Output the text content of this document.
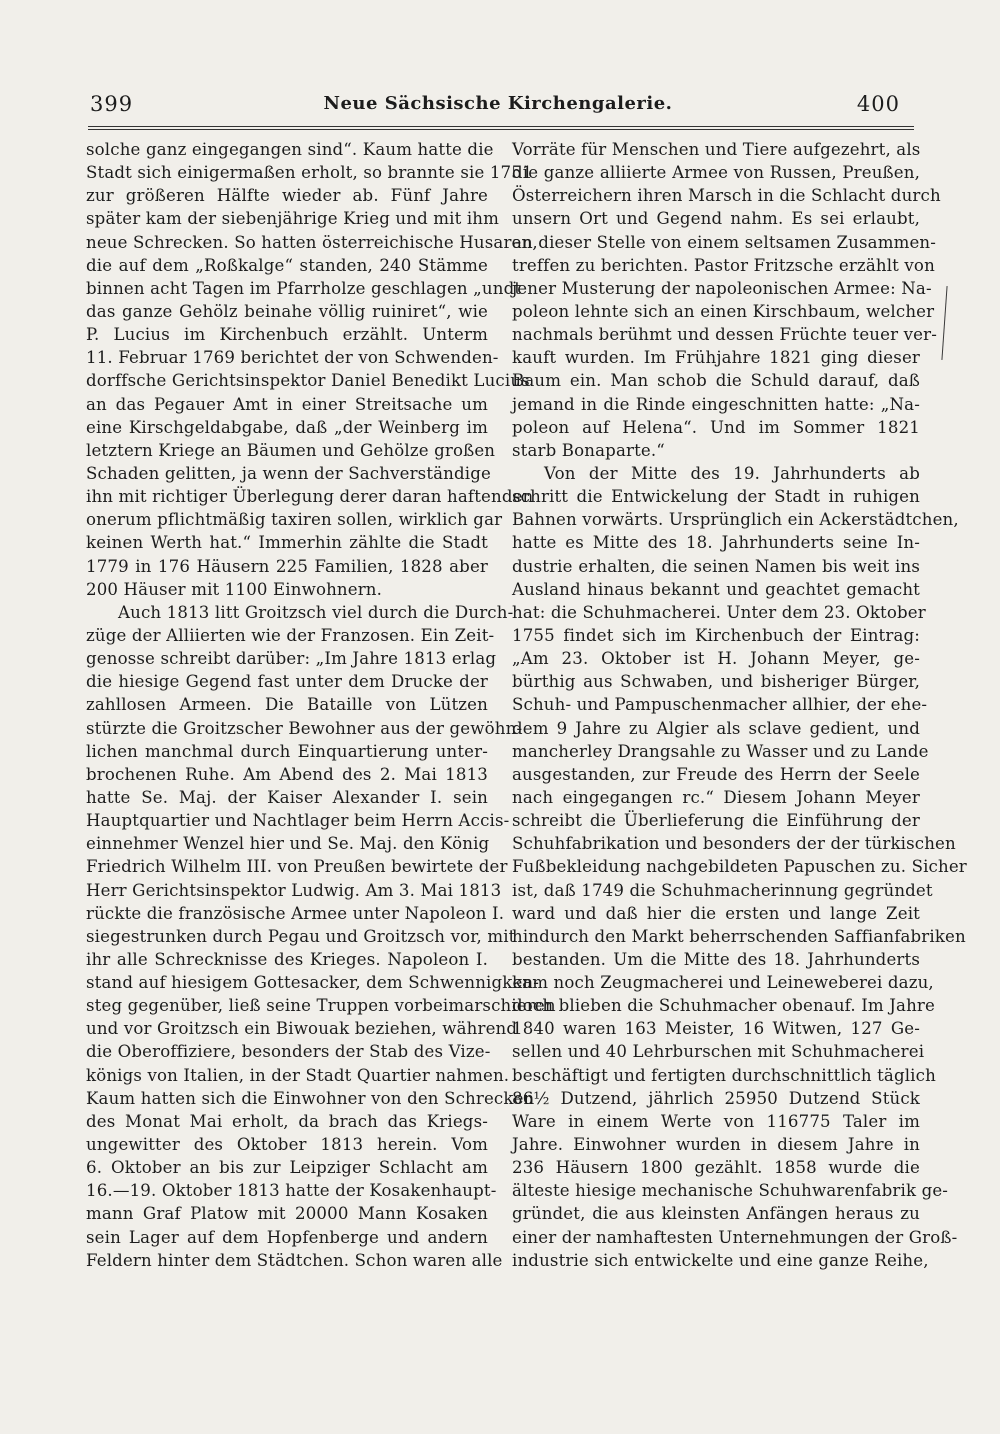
399	Neue Sächsische Kirchengalerie.	400
solche ganz eingegangen sind“. Kaum hatte die
Stadt sich einigermaßen erholt, so brannte sie 1751
zur größeren Hälfte wieder ab. Fünf Jahre
später kam der siebenjährige Krieg und mit ihm
neue Schrecken. So hatten österreichische Husaren,
die auf dem „Roßkalge“ standen, 240 Stämme
binnen acht Tagen im Pfarrholze geschlagen „undt
das ganze Gehölz beinahe völlig ruiniret“, wie
P. Lucius im Kirchenbuch erzählt. Unterm
11. Februar 1769 berichtet der von Schwenden-
dorffsche Gerichtsinspektor Daniel Benedikt Lucius
an das Pegauer Amt in einer Streitsache um
eine Kirschgeldabgabe, daß „der Weinberg im
letztern Kriege an Bäumen und Gehölze großen
Schaden gelitten, ja wenn der Sachverständige
ihn mit richtiger Überlegung derer daran haftenden
onerum pflichtmäßig taxiren sollen, wirklich gar
keinen Werth hat.“ Immerhin zählte die Stadt
1779 in 176 Häusern 225 Familien, 1828 aber
200 Häuser mit 1100 Einwohnern.
Auch 1813 litt Groitzsch viel durch die Durch-
züge der Alliierten wie der Franzosen. Ein Zeit-
genosse schreibt darüber: „Im Jahre 1813 erlag
die hiesige Gegend fast unter dem Drucke der
zahllosen Armeen. Die Bataille von Lützen
stürzte die Groitzscher Bewohner aus der gewöhn-
lichen manchmal durch Einquartierung unter-
brochenen Ruhe. Am Abend des 2. Mai 1813
hatte Se. Maj. der Kaiser Alexander I. sein
Hauptquartier und Nachtlager beim Herrn Accis-
einnehmer Wenzel hier und Se. Maj. den König
Friedrich Wilhelm III. von Preußen bewirtete der
Herr Gerichtsinspektor Ludwig. Am 3. Mai 1813
rückte die französische Armee unter Napoleon I.
siegestrunken durch Pegau und Groitzsch vor, mit
ihr alle Schrecknisse des Krieges. Napoleon I.
stand auf hiesigem Gottesacker, dem Schwennigken-
steg gegenüber, ließ seine Truppen vorbeimarschieren
und vor Groitzsch ein Biwouak beziehen, während
die Oberoffiziere, besonders der Stab des Vize-
königs von Italien, in der Stadt Quartier nahmen.
Kaum hatten sich die Einwohner von den Schrecken
des Monat Mai erholt, da brach das Kriegs-
ungewitter des Oktober 1813 herein. Vom
6. Oktober an bis zur Leipziger Schlacht am
16.—19. Oktober 1813 hatte der Kosakenhaupt-
mann Graf Platow mit 20000 Mann Kosaken
sein Lager auf dem Hopfenberge und andern
Feldern hinter dem Städtchen. Schon waren alle
Vorräte für Menschen und Tiere aufgezehrt, als
die ganze alliierte Armee von Russen, Preußen,
Österreichern ihren Marsch in die Schlacht durch
unsern Ort und Gegend nahm. Es sei erlaubt,
an dieser Stelle von einem seltsamen Zusammen-
treffen zu berichten. Pastor Fritzsche erzählt von
jener Musterung der napoleonischen Armee: Na-
poleon lehnte sich an einen Kirschbaum, welcher
nachmals berühmt und dessen Früchte teuer ver-
kauft wurden. Im Frühjahre 1821 ging dieser
Baum ein. Man schob die Schuld darauf, daß
jemand in die Rinde eingeschnitten hatte: „Na-
poleon auf Helena“. Und im Sommer 1821
starb Bonaparte.“
Von der Mitte des 19. Jahrhunderts ab
schritt die Entwickelung der Stadt in ruhigen
Bahnen vorwärts. Ursprünglich ein Ackerstädtchen,
hatte es Mitte des 18. Jahrhunderts seine In-
dustrie erhalten, die seinen Namen bis weit ins
Ausland hinaus bekannt und geachtet gemacht
hat: die Schuhmacherei. Unter dem 23. Oktober
1755 findet sich im Kirchenbuch der Eintrag:
„Am 23. Oktober ist H. Johann Meyer, ge-
bürthig aus Schwaben, und bisheriger Bürger,
Schuh- und Pampuschenmacher allhier, der ehe-
dem 9 Jahre zu Algier als sclave gedient, und
mancherley Drangsahle zu Wasser und zu Lande
ausgestanden, zur Freude des Herrn der Seele
nach eingegangen rc.“ Diesem Johann Meyer
schreibt die Überlieferung die Einführung der
Schuhfabrikation und besonders der der türkischen
Fußbekleidung nachgebildeten Papuschen zu. Sicher
ist, daß 1749 die Schuhmacherinnung gegründet
ward und daß hier die ersten und lange Zeit
hindurch den Markt beherrschenden Saffianfabriken
bestanden. Um die Mitte des 18. Jahrhunderts
kam noch Zeugmacherei und Leineweberei dazu,
doch blieben die Schuhmacher obenauf. Im Jahre
1840 waren 163 Meister, 16 Witwen, 127 Ge-
sellen und 40 Lehrburschen mit Schuhmacherei
beschäftigt und fertigten durchschnittlich täglich
86½ Dutzend, jährlich 25950 Dutzend Stück
Ware in einem Werte von 116775 Taler im
Jahre. Einwohner wurden in diesem Jahre in
236 Häusern 1800 gezählt. 1858 wurde die
älteste hiesige mechanische Schuhwarenfabrik ge-
gründet, die aus kleinsten Anfängen heraus zu
einer der namhaftesten Unternehmungen der Groß-
industrie sich entwickelte und eine ganze Reihe,
